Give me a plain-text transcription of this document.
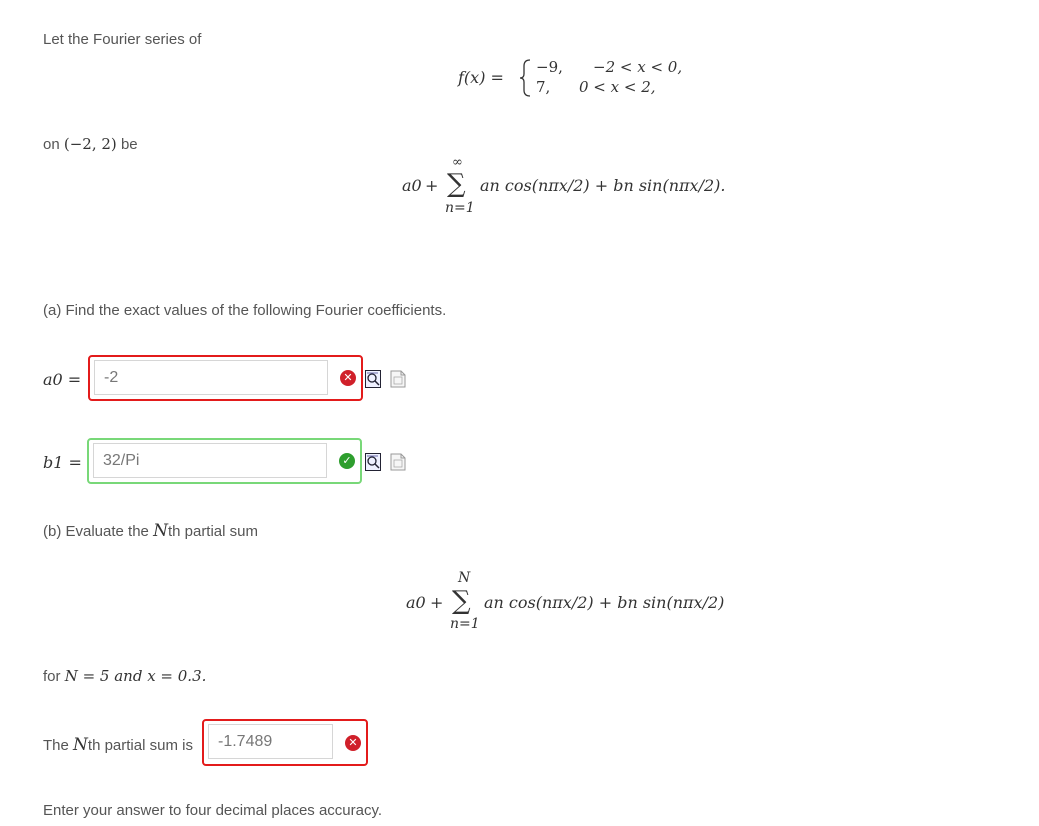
Let the Fourier series of
f(x) =
−9, −2 < x < 0,
7, 0 < x < 2,
on (−2, 2) be
a0 +
∞
∑
n=1
an cos(nπx/2) + bn sin(nπx/2).
(a) Find the exact values of the following Fourier coefficients.
a0 =
-2	✕
b1 =
32/Pi	✓
(b) Evaluate the Nth partial sum
a0 +
N
∑
n=1
an cos(nπx/2) + bn sin(nπx/2)
for N = 5 and x = 0.3.
The Nth partial sum is
-1.7489	✕
Enter your answer to four decimal places accuracy.
